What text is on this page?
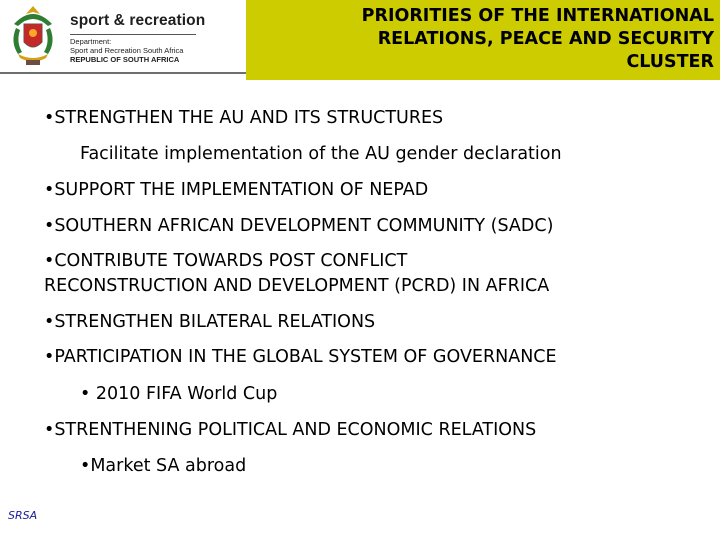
sport & recreation
Department:
Sport and Recreation South Africa
REPUBLIC OF SOUTH AFRICA
PRIORITIES OF THE INTERNATIONAL
RELATIONS, PEACE AND SECURITY
CLUSTER
•STRENGTHEN THE AU AND ITS STRUCTURES
Facilitate implementation of the AU gender declaration
•SUPPORT THE IMPLEMENTATION OF NEPAD
•SOUTHERN AFRICAN DEVELOPMENT COMMUNITY (SADC)
•CONTRIBUTE TOWARDS POST CONFLICT
RECONSTRUCTION AND DEVELOPMENT (PCRD) IN AFRICA
•STRENGTHEN BILATERAL RELATIONS
•PARTICIPATION IN THE GLOBAL SYSTEM OF GOVERNANCE
• 2010 FIFA World Cup
•STRENTHENING POLITICAL AND ECONOMIC RELATIONS
•Market SA abroad
SRSA
